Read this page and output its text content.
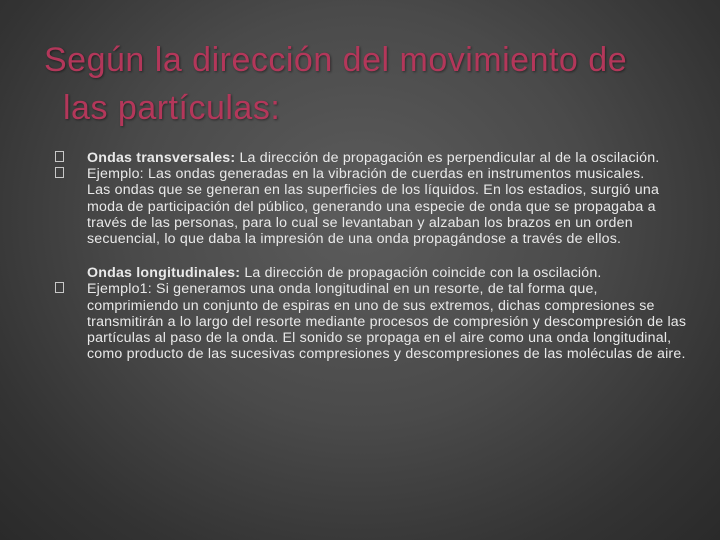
Según la dirección del movimiento de
las partículas:

Ondas transversales: La dirección de propagación es perpendicular al de la oscilación.

Ejemplo: Las ondas generadas en la vibración de cuerdas en instrumentos musicales.

Las ondas que se generan en las superficies de los líquidos. En los estadios, surgió una moda de participación del público, generando una especie de onda que se propagaba a través de las personas, para lo cual se levantaban y alzaban los brazos en un orden secuencial, lo que daba la impresión de una onda propagándose a través de ellos.

Ondas longitudinales: La dirección de propagación coincide con la oscilación.

Ejemplo1: Si generamos una onda longitudinal en un resorte, de tal forma que, comprimiendo un conjunto de espiras en uno de sus extremos, dichas compresiones se transmitirán a lo largo del resorte mediante procesos de compresión y descompresión de las partículas al paso de la onda. El sonido se propaga en el aire como una onda longitudinal, como producto de las sucesivas compresiones y descompresiones de las moléculas de aire.
